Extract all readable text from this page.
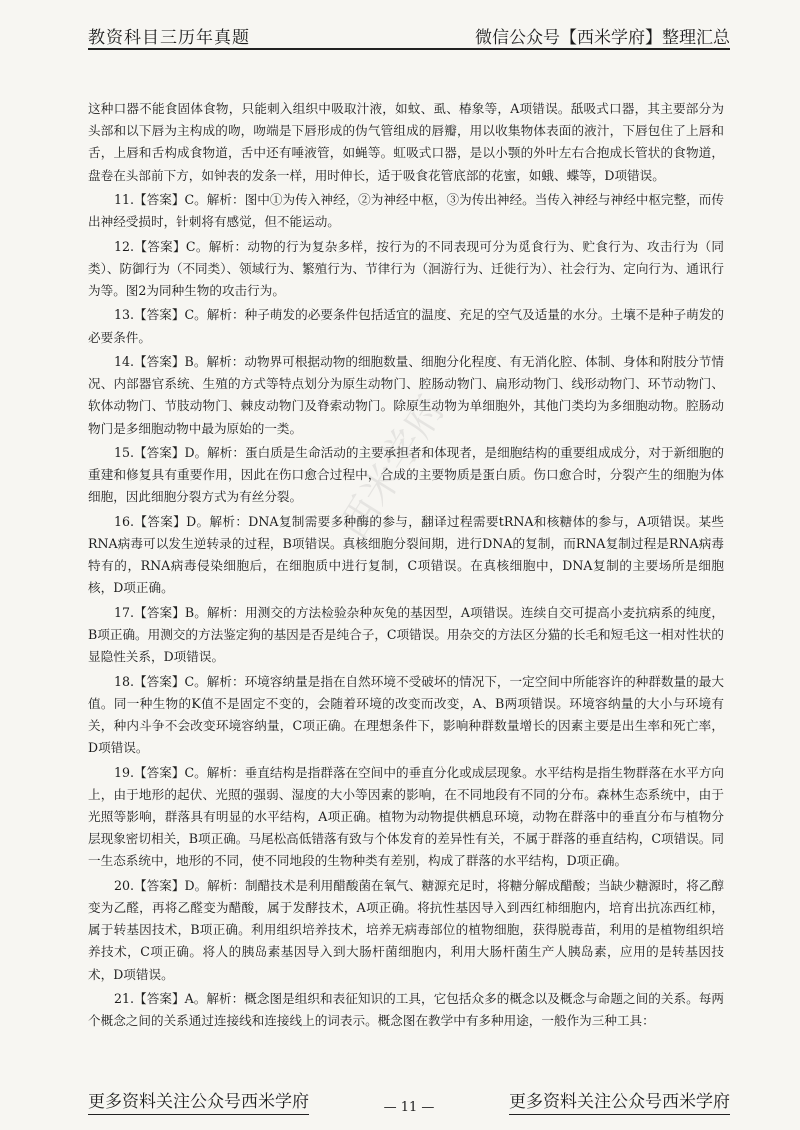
教资科目三历年真题	微信公众号【西米学府】整理汇总
西米学府

这种口器不能食固体食物，只能刺入组织中吸取汁液，如蚊、虱、椿象等，A项错误。舐吸式口器，其主要部分为头部和以下唇为主构成的吻，吻端是下唇形成的伪气管组成的唇瓣，用以收集物体表面的液汁，下唇包住了上唇和舌，上唇和舌构成食物道，舌中还有唾液管，如蝇等。虹吸式口器，是以小颚的外叶左右合抱成长管状的食物道，盘卷在头部前下方，如钟表的发条一样，用时伸长，适于吸食花管底部的花蜜，如蛾、蝶等，D项错误。

11.【答案】C。解析：图中①为传入神经，②为神经中枢，③为传出神经。当传入神经与神经中枢完整，而传出神经受损时，针刺将有感觉，但不能运动。

12.【答案】C。解析：动物的行为复杂多样，按行为的不同表现可分为觅食行为、贮食行为、攻击行为（同类）、防御行为（不同类）、领域行为、繁殖行为、节律行为（洄游行为、迁徙行为）、社会行为、定向行为、通讯行为等。图2为同种生物的攻击行为。

13.【答案】C。解析：种子萌发的必要条件包括适宜的温度、充足的空气及适量的水分。土壤不是种子萌发的必要条件。

14.【答案】B。解析：动物界可根据动物的细胞数量、细胞分化程度、有无消化腔、体制、身体和附肢分节情况、内部器官系统、生殖的方式等特点划分为原生动物门、腔肠动物门、扁形动物门、线形动物门、环节动物门、软体动物门、节肢动物门、棘皮动物门及脊索动物门。除原生动物为单细胞外，其他门类均为多细胞动物。腔肠动物门是多细胞动物中最为原始的一类。

15.【答案】D。解析：蛋白质是生命活动的主要承担者和体现者，是细胞结构的重要组成成分，对于新细胞的重建和修复具有重要作用，因此在伤口愈合过程中，合成的主要物质是蛋白质。伤口愈合时，分裂产生的细胞为体细胞，因此细胞分裂方式为有丝分裂。

16.【答案】D。解析：DNA复制需要多种酶的参与，翻译过程需要tRNA和核糖体的参与，A项错误。某些RNA病毒可以发生逆转录的过程，B项错误。真核细胞分裂间期，进行DNA的复制，而RNA复制过程是RNA病毒特有的，RNA病毒侵染细胞后，在细胞质中进行复制，C项错误。在真核细胞中，DNA复制的主要场所是细胞核，D项正确。

17.【答案】B。解析：用测交的方法检验杂种灰兔的基因型，A项错误。连续自交可提高小麦抗病系的纯度，B项正确。用测交的方法鉴定狗的基因是否是纯合子，C项错误。用杂交的方法区分猫的长毛和短毛这一相对性状的显隐性关系，D项错误。

18.【答案】C。解析：环境容纳量是指在自然环境不受破坏的情况下，一定空间中所能容许的种群数量的最大值。同一种生物的K值不是固定不变的，会随着环境的改变而改变，A、B两项错误。环境容纳量的大小与环境有关，种内斗争不会改变环境容纳量，C项正确。在理想条件下，影响种群数量增长的因素主要是出生率和死亡率，D项错误。

19.【答案】C。解析：垂直结构是指群落在空间中的垂直分化或成层现象。水平结构是指生物群落在水平方向上，由于地形的起伏、光照的强弱、湿度的大小等因素的影响，在不同地段有不同的分布。森林生态系统中，由于光照等影响，群落具有明显的水平结构，A项正确。植物为动物提供栖息环境，动物在群落中的垂直分布与植物分层现象密切相关，B项正确。马尾松高低错落有致与个体发育的差异性有关，不属于群落的垂直结构，C项错误。同一生态系统中，地形的不同，使不同地段的生物种类有差别，构成了群落的水平结构，D项正确。

20.【答案】D。解析：制醋技术是利用醋酸菌在氧气、糖源充足时，将糖分解成醋酸；当缺少糖源时，将乙醇变为乙醛，再将乙醛变为醋酸，属于发酵技术，A项正确。将抗性基因导入到西红柿细胞内，培育出抗冻西红柿，属于转基因技术，B项正确。利用组织培养技术，培养无病毒部位的植物细胞，获得脱毒苗，利用的是植物组织培养技术，C项正确。将人的胰岛素基因导入到大肠杆菌细胞内，利用大肠杆菌生产人胰岛素，应用的是转基因技术，D项错误。

21.【答案】A。解析：概念图是组织和表征知识的工具，它包括众多的概念以及概念与命题之间的关系。每两个概念之间的关系通过连接线和连接线上的词表示。概念图在教学中有多种用途，一般作为三种工具：

更多资料关注公众号西米学府	— 11 —	更多资料关注公众号西米学府
